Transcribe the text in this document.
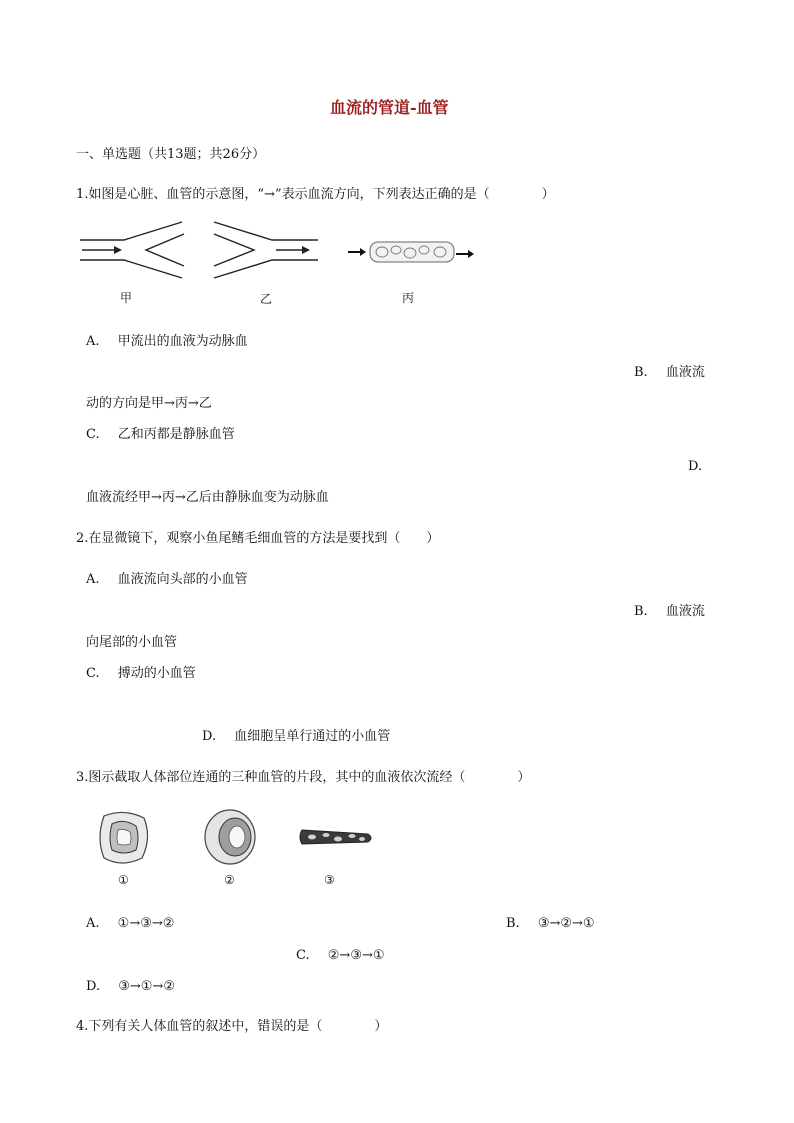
血流的管道-血管
一、单选题（共13题；共26分）
1.如图是心脏、血管的示意图，“→”表示血流方向，下列表达正确的是（　　　　）
甲	乙	丙
A. 甲流出的血液为动脉血
B. 血液流
动的方向是甲→丙→乙
C. 乙和丙都是静脉血管
D.
血液流经甲→丙→乙后由静脉血变为动脉血
2.在显微镜下，观察小鱼尾鳍毛细血管的方法是要找到（　　）
A. 血液流向头部的小血管
B. 血液流
向尾部的小血管
C. 搏动的小血管
D. 血细胞呈单行通过的小血管
3.图示截取人体部位连通的三种血管的片段，其中的血液依次流经（　　　　）
①	②	③
A. ①→③→②	B. ③→②→①
C. ②→③→①
D. ③→①→②
4.下列有关人体血管的叙述中，错误的是（　　　　）
